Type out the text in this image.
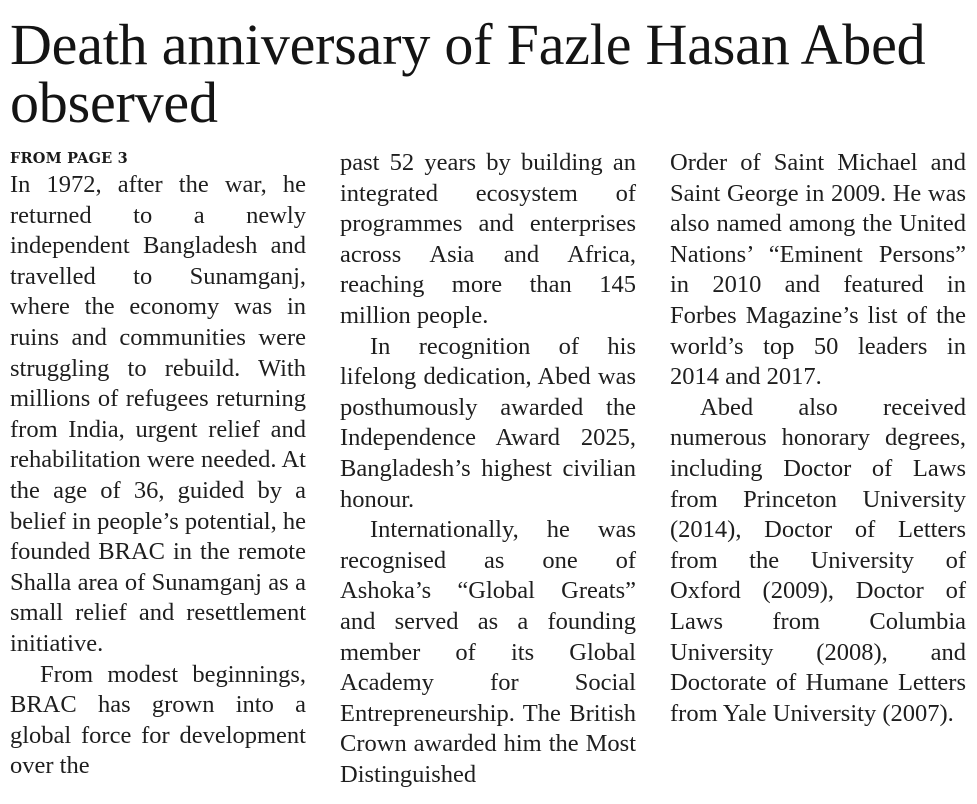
Death anniversary of Fazle Hasan Abed observed
FROM PAGE 3

In 1972, after the war, he returned to a newly independent Bangladesh and travelled to Sunamganj, where the economy was in ruins and communities were struggling to rebuild. With millions of refugees returning from India, urgent relief and rehabilitation were needed. At the age of 36, guided by a belief in people’s potential, he founded BRAC in the remote Shalla area of Sunamganj as a small relief and resettlement initiative.

From modest beginnings, BRAC has grown into a global force for development over the

past 52 years by building an integrated ecosystem of programmes and enterprises across Asia and Africa, reaching more than 145 million people.

In recognition of his lifelong dedication, Abed was posthumously awarded the Independence Award 2025, Bangladesh’s highest civilian honour.

Internationally, he was recognised as one of Ashoka’s “Global Greats” and served as a founding member of its Global Academy for Social Entrepreneurship. The British Crown awarded him the Most Distinguished

Order of Saint Michael and Saint George in 2009. He was also named among the United Nations’ “Eminent Persons” in 2010 and featured in Forbes Magazine’s list of the world’s top 50 leaders in 2014 and 2017.

Abed also received numerous honorary degrees, including Doctor of Laws from Princeton University (2014), Doctor of Letters from the University of Oxford (2009), Doctor of Laws from Columbia University (2008), and Doctorate of Humane Letters from Yale University (2007).
